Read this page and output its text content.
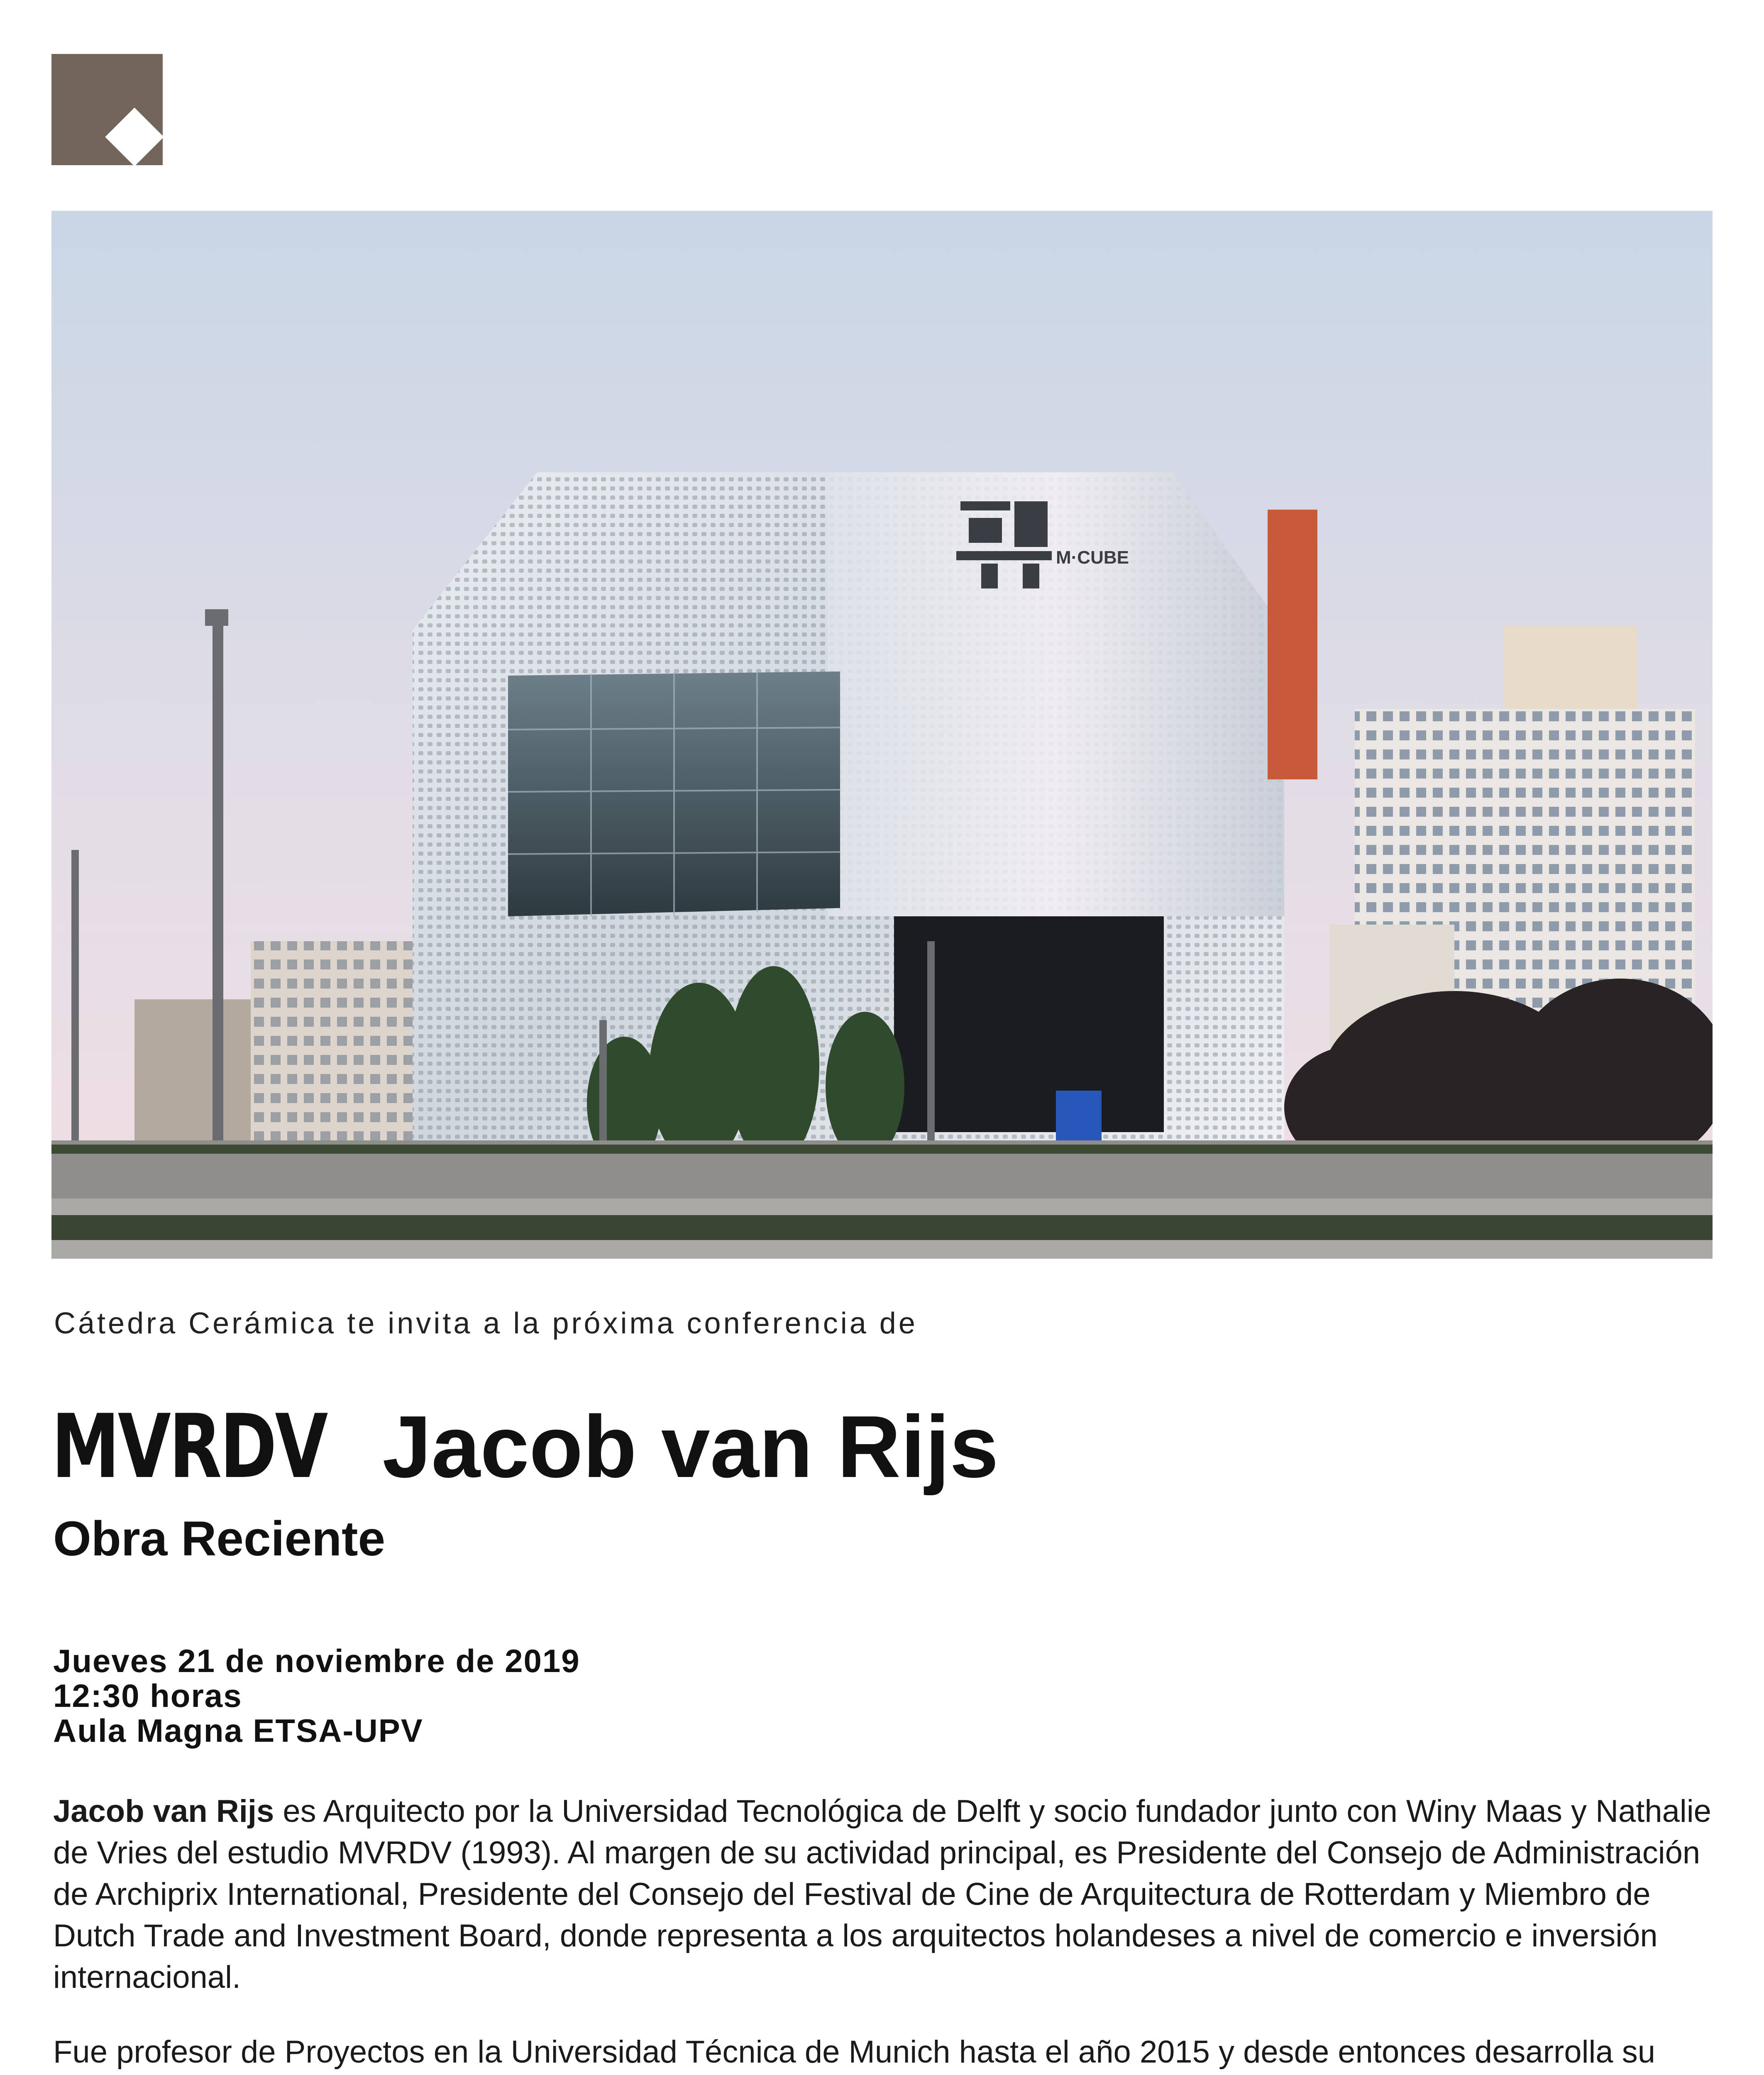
M·CUBE
Cátedra Cerámica te invita a la próxima conferencia de
MVRDV Jacob van Rijs
Obra Reciente
Jueves 21 de noviembre de 2019
12:30 horas
Aula Magna ETSA-UPV

Jacob van Rijs es Arquitecto por la Universidad Tecnológica de Delft y socio fundador junto con Winy Maas y Nathalie de Vries del estudio MVRDV (1993). Al margen de su actividad principal, es Presidente del Consejo de Administración de Archiprix International, Presidente del Consejo del Festival de Cine de Arquitectura de Rotterdam y Miembro de Dutch Trade and Investment Board, donde representa a los arquitectos holandeses a nivel de comercio e inversión internacional.

Fue profesor de Proyectos en la Universidad Técnica de Munich hasta el año 2015 y desde entonces desarrolla su
